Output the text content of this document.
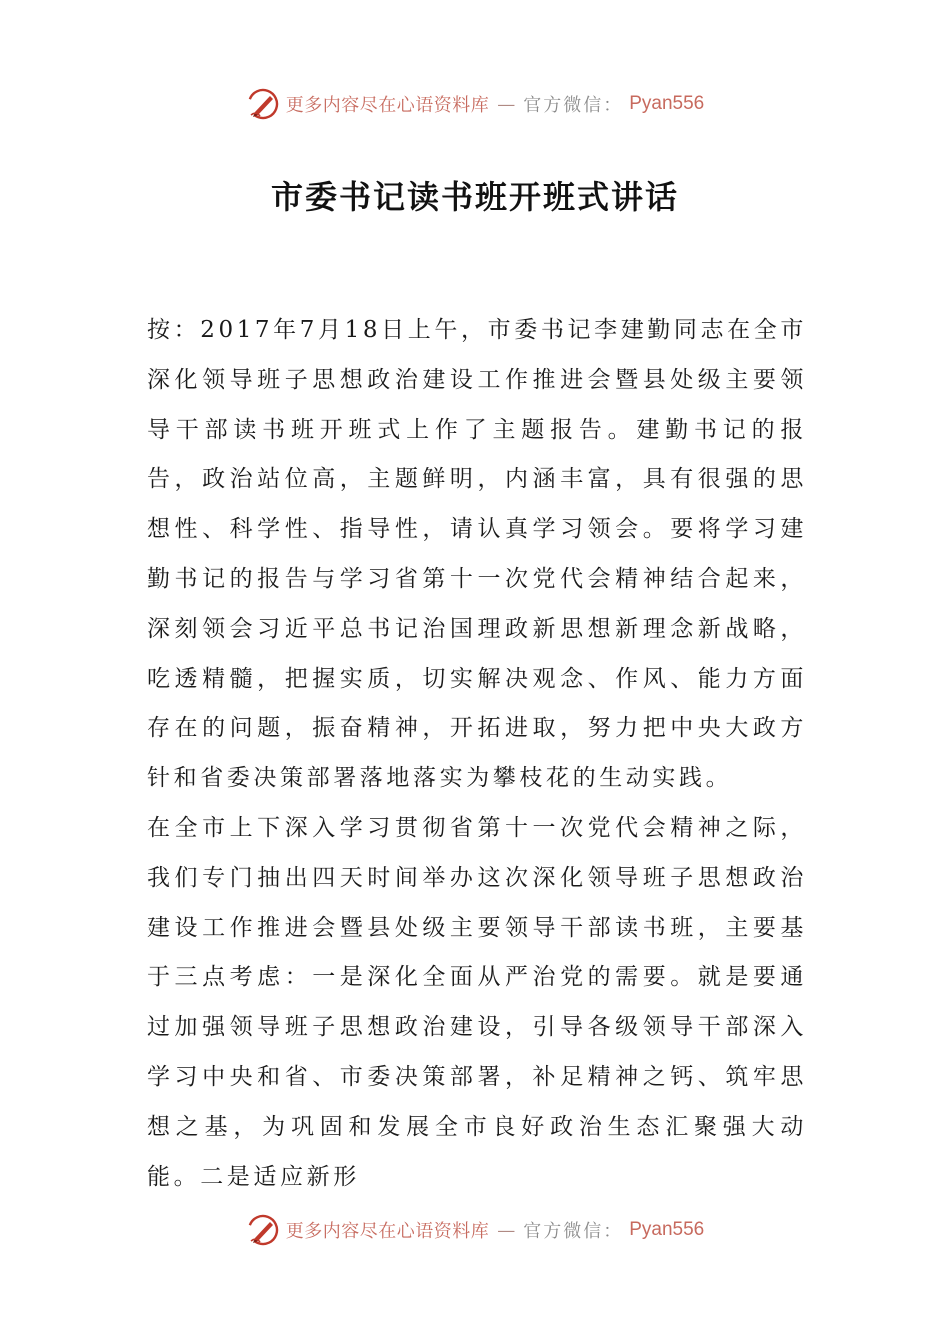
更多内容尽在心语资料库 — 官方微信： Pyan556
市委书记读书班开班式讲话

按：2017年7月18日上午，市委书记李建勤同志在全市深化领导班子思想政治建设工作推进会暨县处级主要领导干部读书班开班式上作了主题报告。建勤书记的报告，政治站位高，主题鲜明，内涵丰富，具有很强的思想性、科学性、指导性，请认真学习领会。要将学习建勤书记的报告与学习省第十一次党代会精神结合起来，深刻领会习近平总书记治国理政新思想新理念新战略，吃透精髓，把握实质，切实解决观念、作风、能力方面存在的问题，振奋精神，开拓进取，努力把中央大政方针和省委决策部署落地落实为攀枝花的生动实践。

在全市上下深入学习贯彻省第十一次党代会精神之际，我们专门抽出四天时间举办这次深化领导班子思想政治建设工作推进会暨县处级主要领导干部读书班，主要基于三点考虑：一是深化全面从严治党的需要。就是要通过加强领导班子思想政治建设，引导各级领导干部深入学习中央和省、市委决策部署，补足精神之钙、筑牢思想之基，为巩固和发展全市良好政治生态汇聚强大动能。二是适应新形

更多内容尽在心语资料库 — 官方微信： Pyan556
